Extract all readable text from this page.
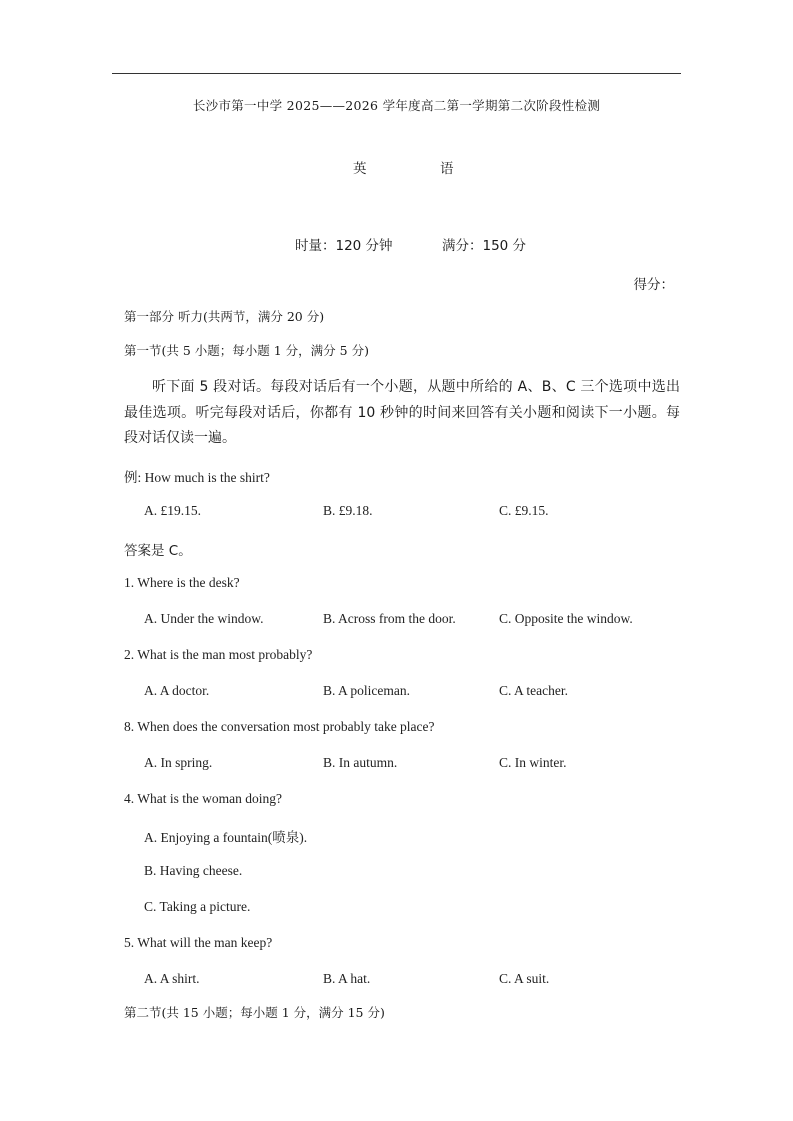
长沙市第一中学 2025——2026 学年度高二第一学期第二次阶段性检测
英	语
时量：120 分钟	满分：150 分
得分：
第一部分 听力(共两节，满分 20 分)
第一节(共 5 小题；每小题 1 分，满分 5 分)
听下面 5 段对话。每段对话后有一个小题，从题中所给的 A、B、C 三个选项中选出最佳选项。听完每段对话后，你都有 10 秒钟的时间来回答有关小题和阅读下一小题。每段对话仅读一遍。
例: How much is the shirt?
A. £19.15.	B. £9.18.	C. £9.15.
答案是 C。
1. Where is the desk?
A. Under the window.	B. Across from the door.	C. Opposite the window.
2. What is the man most probably?
A. A doctor.	B. A policeman.	C. A teacher.
8. When does the conversation most probably take place?
A. In spring.	B. In autumn.	C. In winter.
4. What is the woman doing?
A. Enjoying a fountain(喷泉).
B. Having cheese.
C. Taking a picture.
5. What will the man keep?
A. A shirt.	B. A hat.	C. A suit.
第二节(共 15 小题；每小题 1 分，满分 15 分)
